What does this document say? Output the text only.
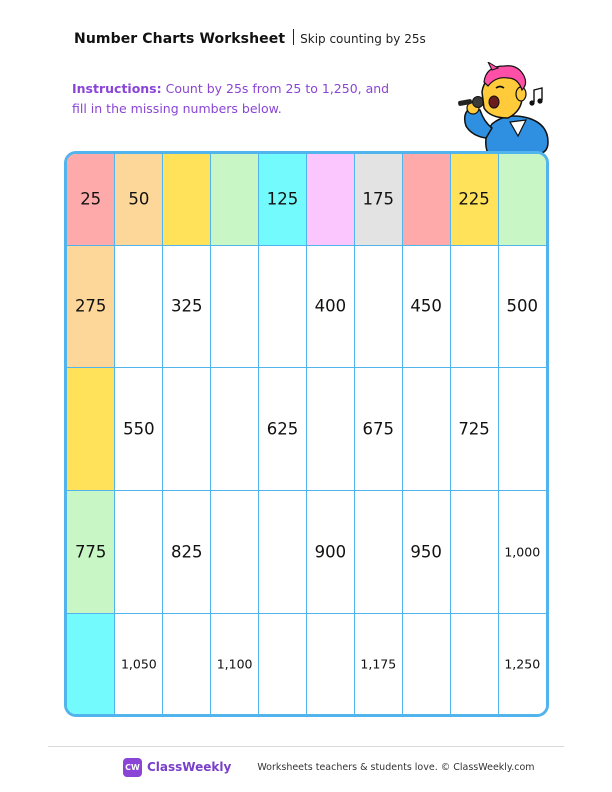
Number Charts Worksheet Skip counting by 25s
Instructions: Count by 25s from 25 to 1,250, and fill in the missing numbers below.
25	50			125		175		225	

275		325			400		450		500

	550			625		675		725	

775		825			900		950		1,000

	1,050		1,100			1,175			1,250
CW ClassWeekly	Worksheets teachers & students love. © ClassWeekly.com
